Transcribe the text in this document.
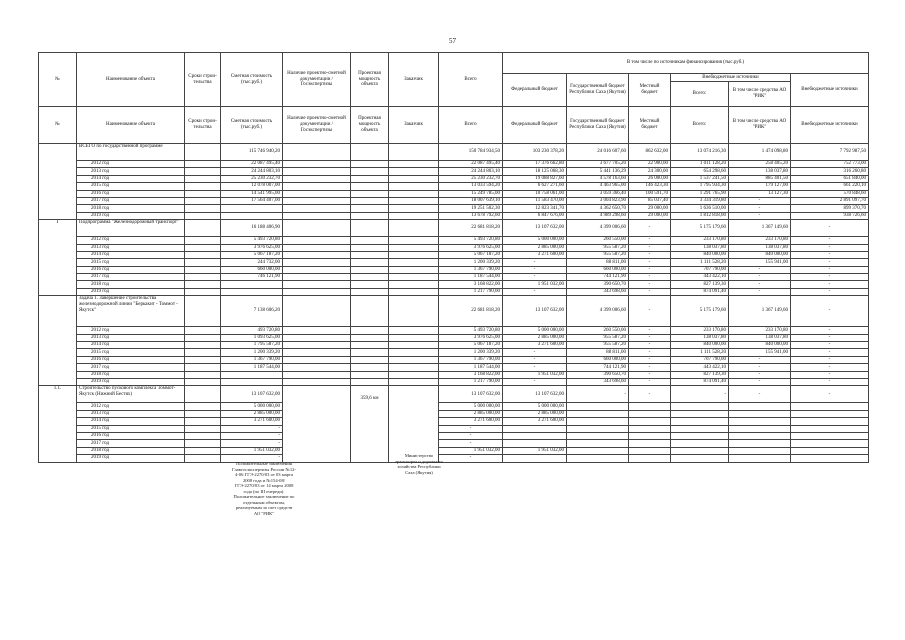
57
№	Наименование объекта	Сроки строи-тельства	Сметная стоимость (тыс.руб.)	Наличие проектно-сметной документации / Госэкспертизы	Проектная мощность объекта	Заказчик	Всего	В том числе по источникам финансирования (тыс.руб.)					
								Федеральный бюджет	Государственный бюджет Республики Саха (Якутия)	Местный бюджет	Внебюджетные источники		Внебюджетные источники
											Всего:	В том числе средства АО "РИК"	
№	Наименование объекта	Сроки строи-тельства	Сметная стоимость (тыс.руб.)	Наличие проектно-сметной документации / Госэкспертизы	Проектная мощность объекта	Заказчик	Всего	Федеральный бюджет	Государственный бюджет Республики Саха (Якутия)	Местный бюджет	Всего:	В том числе средства АО "РИК"	Внебюджетные источники

	ВСЕГО по государственной программе		115 746 940,20				150 784 934,50	103 230 378,20	24 016 607,60	862 632,00	13 074 216,30	1 474 098,80	7 792 987,50
	2012 год		22 087 495,40				22 087 495,40	17 376 662,80	3 677 705,20	22 900,00	1 011 128,20	258 405,20	752 773,00
	2013 год		24 244 803,10				24 244 803,10	18 125 068,30	5 441 136,29	24 300,00	654 298,60	138 037,80	316 260,80
	2014 год		25 230 232,70				25 230 232,70	19 088 827,60	4 578 163,60	26 000,00	1 537 241,50	885 401,50	651 840,00
	2015 год		12 078 007,00				13 033 594,20	6 627 271,60	4 463 965,00	146 423,30	1 795 934,30	179 127,00	661 220,10
	2016 год		14 541 995,00				15 249 785,00	10 758 061,00	3 059 366,40	100 591,70	1 291 765,90	13 127,30	570 848,60
	2017 год		17 564 407,00				18 007 639,10	11 583 470,00	3 004 823,90	85 037,40	3 334 319,80	-	2 891 097,70
	2018 год						19 251 502,30	12 823 341,70	4 362 650,70	29 000,00	1 636 510,00	-	899 370,70
	2019 год						13 678 792,60	6 847 676,00	4 989 298,60	29 000,00	1 812 818,00	-	938 726,60
I	Подпрограмма "Железнодорожный транспорт"		16 188 406,90				22 681 818,20	13 107 632,00	4 399 006,60	-	5 175 179,60	1 367 149,60	-
	2012 год		5 493 720,80				5 493 720,80	5 000 000,00	260 550,00	-	233 170,80	233 170,80	-
	2013 год		3 976 625,00				3 976 625,00	2 885 000,00	955 587,20	-	138 037,80	138 037,80	-
	2014 год		5 067 187,20				5 067 187,20	3 271 600,00	955 587,20	-	840 000,00	840 000,00	-
	2015 год		244 732,00				1 200 339,20	-	88 811,00	-	1 111 528,20	155 941,00	-
	2016 год		660 000,00				1 367 790,00	-	660 000,00	-	707 790,00	-	-
	2017 год		746 121,90				1 187 544,00	-	744 121,90	-	443 422,10	-	-
	2018 год						3 168 822,00	1 951 032,00	390 650,70	-	827 139,30	-	-
	2019 год						1 217 790,00	-	343 698,60	-	874 091,40	-	-
	Задача 1. Завершение строительства железнодорожной линии "Беркакит - Томмот - Якутск"		7 138 606,20				22 681 818,20	13 107 632,00	4 399 006,60	-	5 175 179,60	1 367 149,60	-
	2012 год		493 720,80				5 493 720,80	5 000 000,00	260 550,00	-	233 170,80	233 170,80	-
	2013 год		1 093 625,00				3 976 625,00	2 885 000,00	955 587,20	-	138 037,80	138 037,80	-
	2014 год		1 795 587,20				5 067 187,20	3 271 600,00	955 587,20	-	840 000,00	840 000,00	-
	2015 год		1 200 339,20				1 200 339,20	-	88 811,00	-	1 111 528,20	155 941,00	-
	2016 год		1 367 790,00				1 367 790,00	-	660 000,00	-	707 790,00	-	-
	2017 год		1 187 544,00				1 187 544,00	-	744 121,90	-	443 422,10	-	-
	2018 год						3 168 822,00	1 951 032,00	390 650,70	-	827 139,30	-	-
	2019 год						1 217 790,00	-	343 698,60	-	874 091,40	-	-
1.1.	Строительство пускового комплекса Томмот-Якутск (Нижний Бестях)		13 107 632,00		359,6 км		13 107 632,00	13 107 632,00	-	-	-	-	-
	2012 год		5 000 000,00				5 000 000,00	5 000 000,00					
	2013 год		2 885 000,00				2 885 000,00	2 885 000,00					
	2014 год		3 271 600,00				3 271 600,00	3 271 600,00					
	2015 год		-				-						
	2016 год		-				-						
	2017 год		-				-						
	2018 год		1 951 032,00				1 951 032,00	1 951 032,00					
	2019 год		-				-						
Положительные заключения Главгосэкспертизы России №12-4-06 ГГЭ-2270/03 от 03 марта 2008 года и №154-08/ГГЭ-2270/03 от 14 марта 2008 года (по III очереди). Положительное заключение по отдельным объектам, реализуемым за счет средств АО "РИК"
Министерство транспорта и дорожного хозяйства Республики Саха (Якутия)
